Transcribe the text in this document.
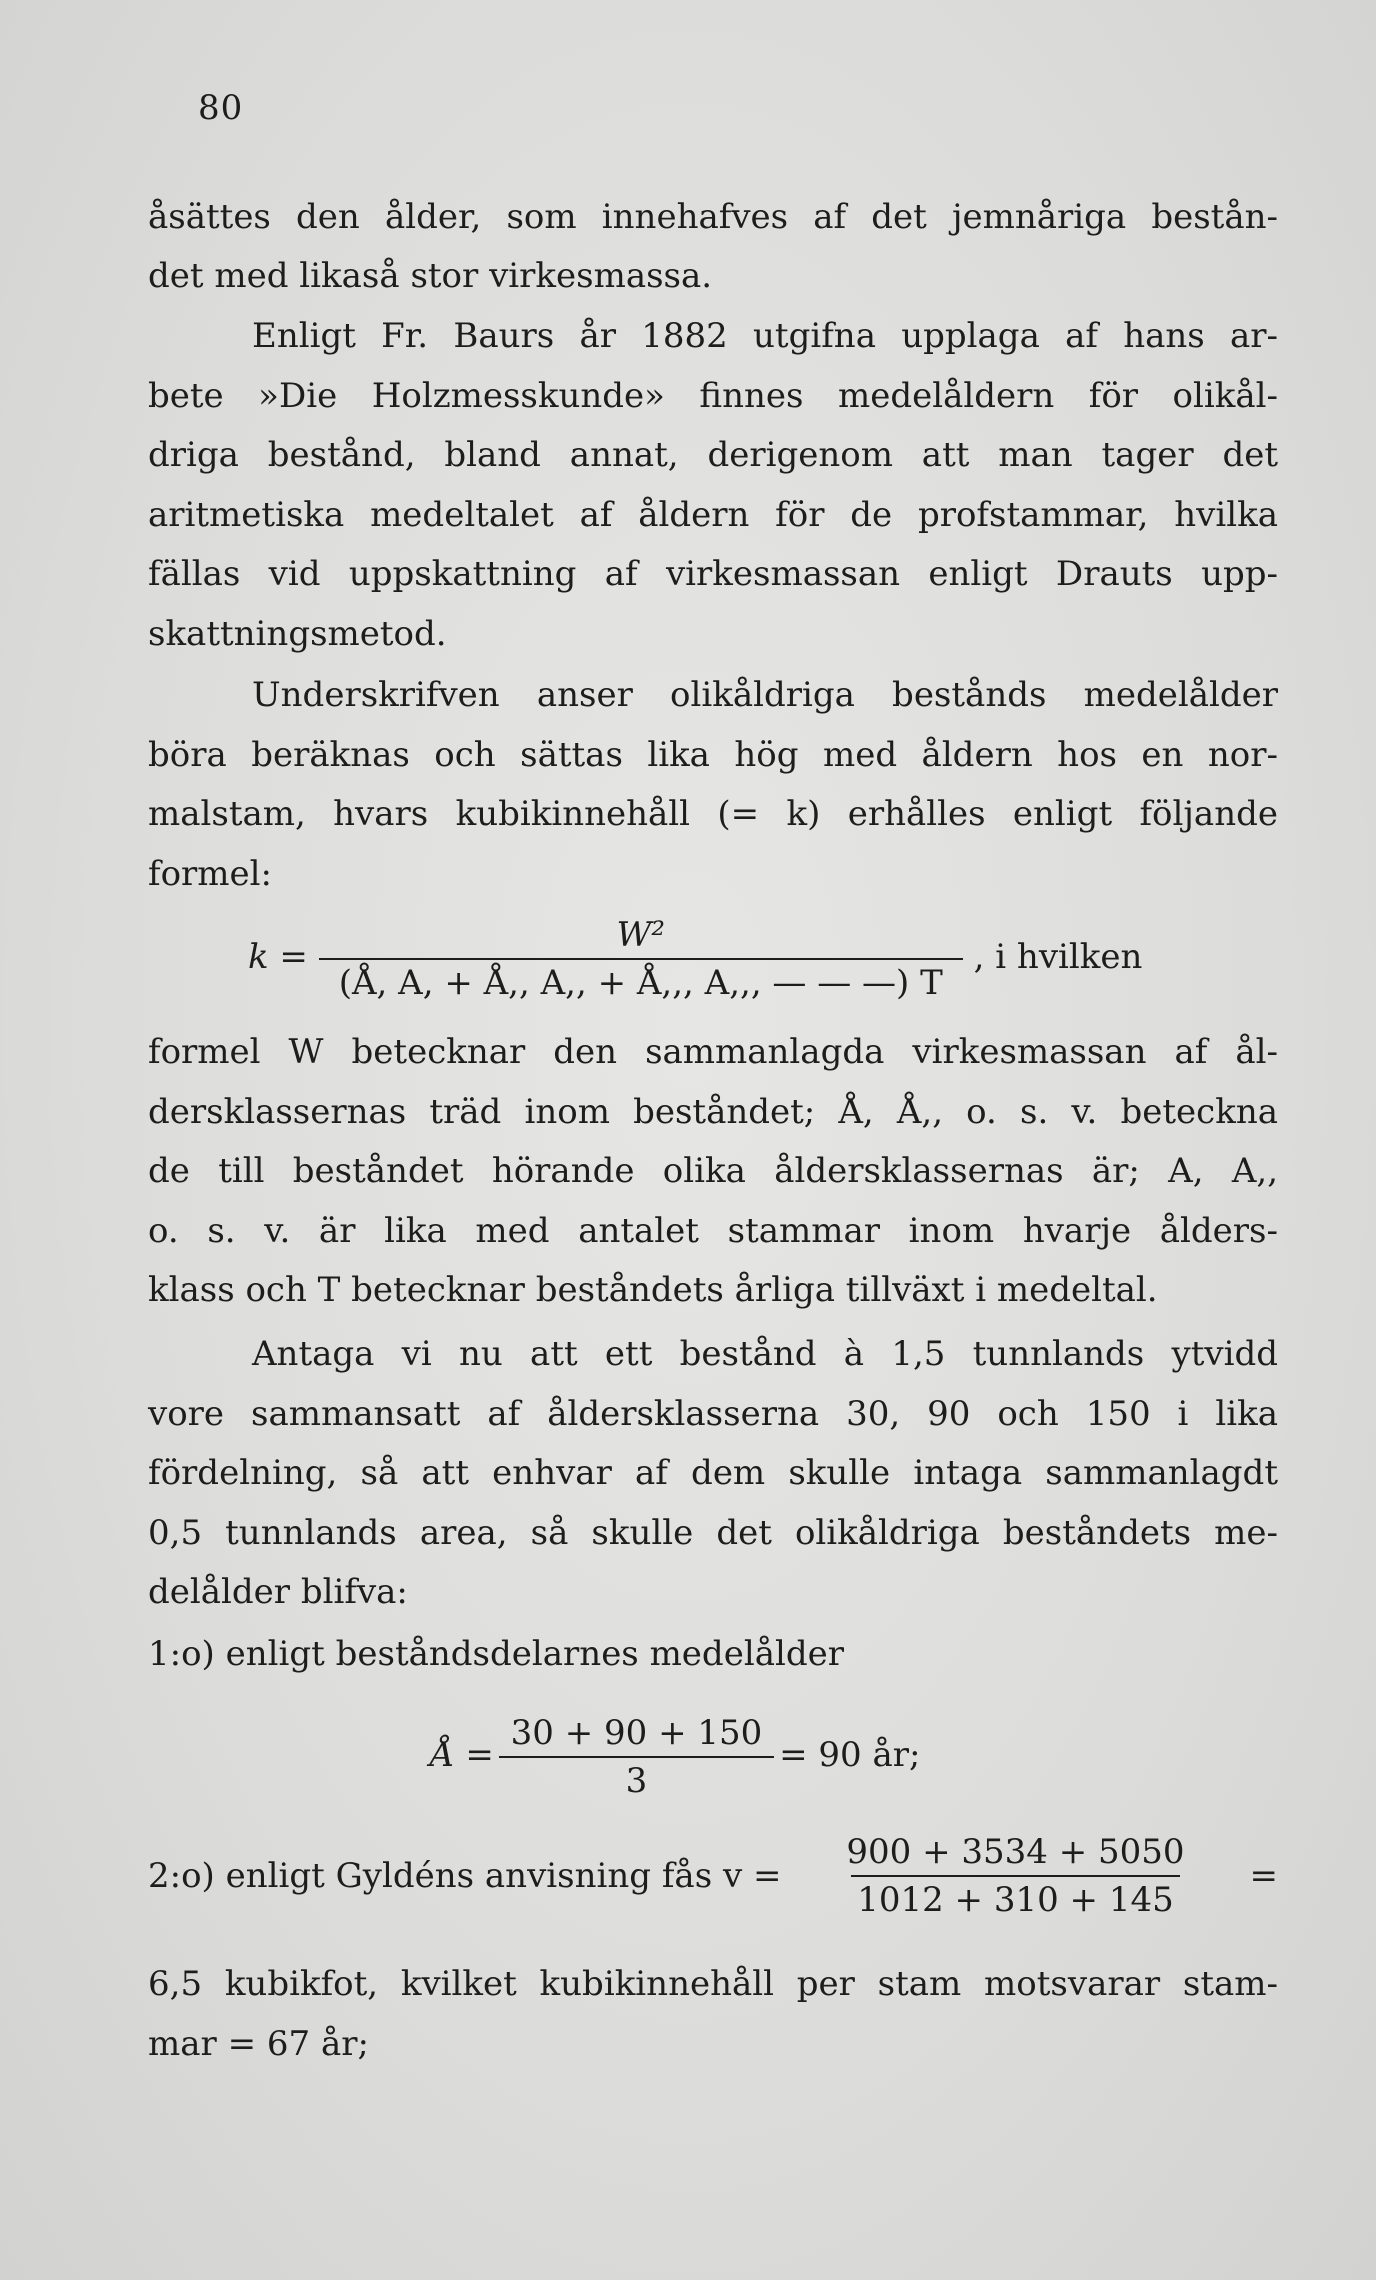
80

åsättes den ålder, som innehafves af det jemnåriga bestån-

det med likaså stor virkesmassa.

Enligt Fr. Baurs år 1882 utgifna upplaga af hans ar-

bete »Die Holzmesskunde» finnes medelåldern för olikål-

driga bestånd, bland annat, derigenom att man tager det

aritmetiska medeltalet af åldern för de profstammar, hvilka

fällas vid uppskattning af virkesmassan enligt Drauts upp-

skattningsmetod.

Underskrifven anser olikåldriga bestånds medelålder

böra beräknas och sättas lika hög med åldern hos en nor-

malstam, hvars kubikinnehåll (= k) erhålles enligt följande

formel:

$k = \frac{\text{W²}}{(Å, A, + Å,, A,, + Å,,, A,,, — — —) T}$ , i hvilken

formel W betecknar den sammanlagda virkesmassan af ål-

dersklassernas träd inom beståndet; Å, Å,, o. s. v. beteckna

de till beståndet hörande olika åldersklassernas är; A, A,,

o. s. v. är lika med antalet stammar inom hvarje ålders-

klass och T betecknar beståndets årliga tillväxt i medeltal.

Antaga vi nu att ett bestånd à 1,5 tunnlands ytvidd

vore sammansatt af åldersklasserna 30, 90 och 150 i lika

fördelning, så att enhvar af dem skulle intaga sammanlagdt

0,5 tunnlands area, så skulle det olikåldriga beståndets me-

delålder blifva:

1:o) enligt beståndsdelarnes medelålder
Å = $\frac{30 + 90 + 150}{3} = 90$ år;
2:o) enligt Gyldéns anvisning fås $v = \frac{900 + 3534 + 5050}{1012 + 310 + 145}$ =

6,5 kubikfot, kvilket kubikinnehåll per stam motsvarar stam-

mar = 67 år;
